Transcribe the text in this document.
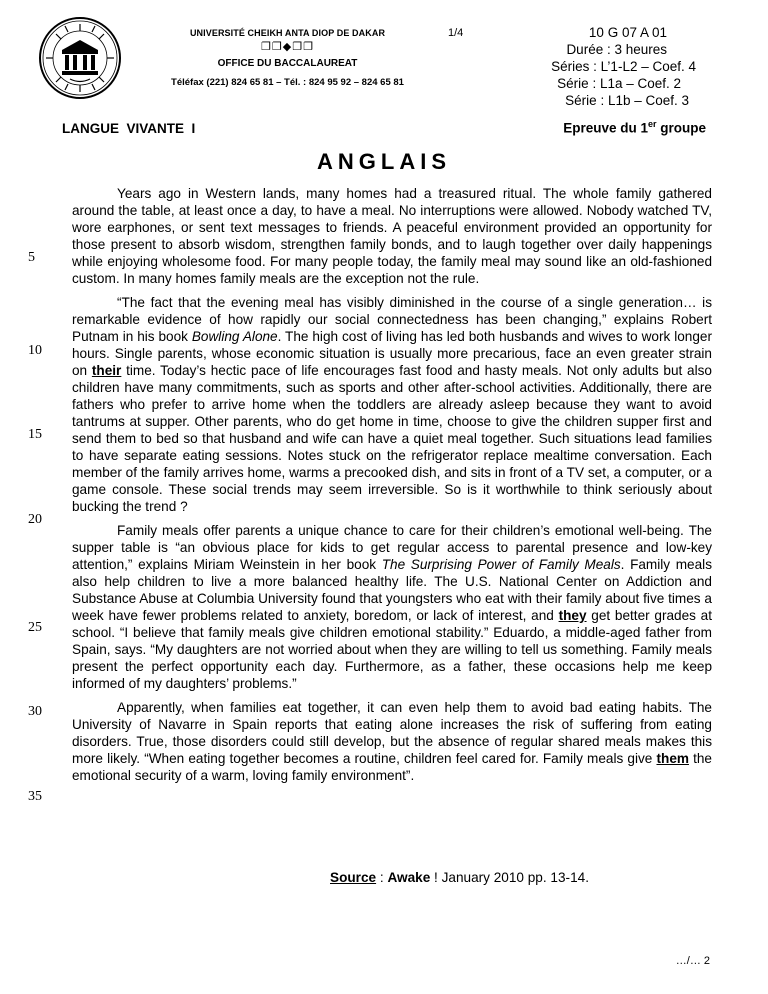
UNIVERSITÉ CHEIKH ANTA DIOP DE DAKAR
❐❐◆❐❐
OFFICE DU BACCALAUREAT
Téléfax (221) 824 65 81 – Tél. : 824 95 92 – 824 65 81
1/4	10 G 07 A 01
Durée : 3 heures
Séries : L’1-L2 – Coef. 4
Série : L1a – Coef. 2
Série : L1b – Coef. 3
LANGUE  VIVANTE  I	Epreuve du 1er groupe
ANGLAIS
5
10
15
20
25
30
35

Years ago in Western lands, many homes had a treasured ritual. The whole family gathered around the table, at least once a day, to have a meal. No interruptions were allowed. Nobody watched TV, wore earphones, or sent text messages to friends. A peaceful environment provided an opportunity for those present to absorb wisdom, strengthen family bonds, and to laugh together over daily happenings while enjoying wholesome food. For many people today, the family meal may sound like an old-fashioned custom. In many homes family meals are the exception not the rule.

“The fact that the evening meal has visibly diminished in the course of a single generation… is remarkable evidence of how rapidly our social connectedness has been changing,” explains Robert Putnam in his book Bowling Alone. The high cost of living has led both husbands and wives to work longer hours. Single parents, whose economic situation is usually more precarious, face an even greater strain on their time. Today’s hectic pace of life encourages fast food and hasty meals. Not only adults but also children have many commitments, such as sports and other after-school activities. Additionally, there are fathers who prefer to arrive home when the toddlers are already asleep because they want to avoid tantrums at supper. Other parents, who do get home in time, choose to give the children supper first and send them to bed so that husband and wife can have a quiet meal together. Such situations lead families to have separate eating sessions. Notes stuck on the refrigerator replace mealtime conversation. Each member of the family arrives home, warms a precooked dish, and sits in front of a TV set, a computer, or a game console. These social trends may seem irreversible. So is it worthwhile to think seriously about bucking the trend ?

Family meals offer parents a unique chance to care for their children’s emotional well-being. The supper table is “an obvious place for kids to get regular access to parental presence and low-key attention,” explains Miriam Weinstein in her book The Surprising Power of Family Meals. Family meals also help children to live a more balanced healthy life. The U.S. National Center on Addiction and Substance Abuse at Columbia University found that youngsters who eat with their family about five times a week have fewer problems related to anxiety, boredom, or lack of interest, and they get better grades at school. “I believe that family meals give children emotional stability.” Eduardo, a middle-aged father from Spain, says. “My daughters are not worried about when they are willing to tell us something. Family meals present the perfect opportunity each day. Furthermore, as a father, these occasions help me keep informed of my daughters’ problems.”

Apparently, when families eat together, it can even help them to avoid bad eating habits. The University of Navarre in Spain reports that eating alone increases the risk of suffering from eating disorders. True, those disorders could still develop, but the absence of regular shared meals makes this more likely. “When eating together becomes a routine, children feel cared for. Family meals give them the emotional security of a warm, loving family environment”.

Source : Awake ! January 2010 pp. 13-14.
…/… 2
